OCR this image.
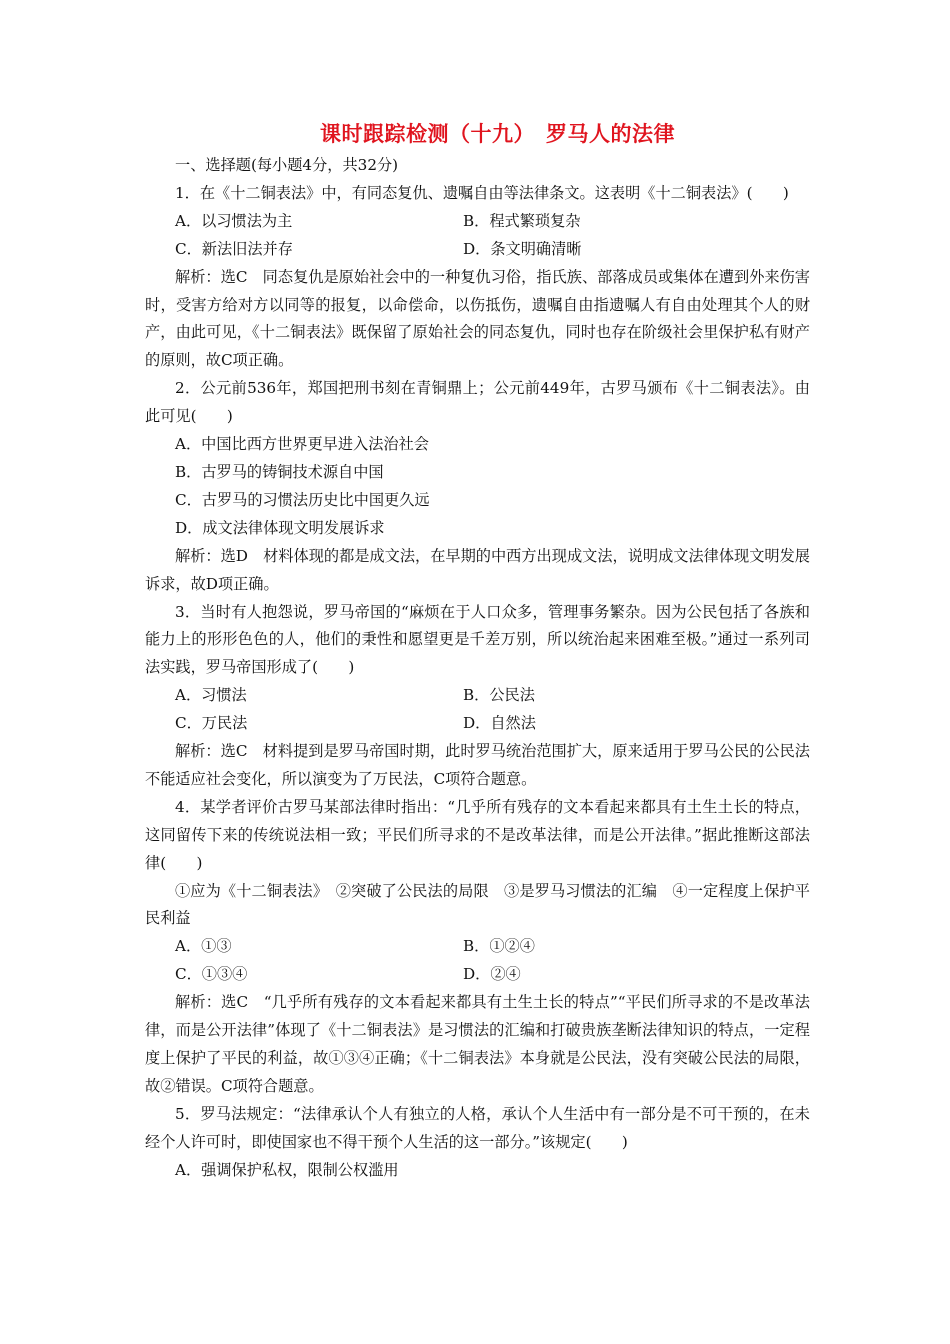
课时跟踪检测（十九）　罗马人的法律

一、选择题(每小题4分，共32分)

1．在《十二铜表法》中，有同态复仇、遗嘱自由等法律条文。这表明《十二铜表法》(　　)

A．以习惯法为主	B．程式繁琐复杂
C．新法旧法并存	D．条文明确清晰

解析：选C　同态复仇是原始社会中的一种复仇习俗，指氏族、部落成员或集体在遭到外来伤害时，受害方给对方以同等的报复，以命偿命，以伤抵伤，遗嘱自由指遗嘱人有自由处理其个人的财产，由此可见，《十二铜表法》既保留了原始社会的同态复仇，同时也存在阶级社会里保护私有财产的原则，故C项正确。

2．公元前536年，郑国把刑书刻在青铜鼎上；公元前449年，古罗马颁布《十二铜表法》。由此可见(　　)

A．中国比西方世界更早进入法治社会

B．古罗马的铸铜技术源自中国

C．古罗马的习惯法历史比中国更久远

D．成文法律体现文明发展诉求

解析：选D　材料体现的都是成文法，在早期的中西方出现成文法，说明成文法律体现文明发展诉求，故D项正确。

3．当时有人抱怨说，罗马帝国的“麻烦在于人口众多，管理事务繁杂。因为公民包括了各族和能力上的形形色色的人，他们的秉性和愿望更是千差万别，所以统治起来困难至极。”通过一系列司法实践，罗马帝国形成了(　　)

A．习惯法	B．公民法
C．万民法	D．自然法

解析：选C　材料提到是罗马帝国时期，此时罗马统治范围扩大，原来适用于罗马公民的公民法不能适应社会变化，所以演变为了万民法，C项符合题意。

4．某学者评价古罗马某部法律时指出：“几乎所有残存的文本看起来都具有土生土长的特点，这同留传下来的传统说法相一致；平民们所寻求的不是改革法律，而是公开法律。”据此推断这部法律(　　)

①应为《十二铜表法》　②突破了公民法的局限　③是罗马习惯法的汇编　④一定程度上保护平民利益

A．①③	B．①②④
C．①③④	D．②④

解析：选C　“几乎所有残存的文本看起来都具有土生土长的特点”“平民们所寻求的不是改革法律，而是公开法律”体现了《十二铜表法》是习惯法的汇编和打破贵族垄断法律知识的特点，一定程度上保护了平民的利益，故①③④正确；《十二铜表法》本身就是公民法，没有突破公民法的局限，故②错误。C项符合题意。

5．罗马法规定：“法律承认个人有独立的人格，承认个人生活中有一部分是不可干预的，在未经个人许可时，即使国家也不得干预个人生活的这一部分。”该规定(　　)

A．强调保护私权，限制公权滥用
